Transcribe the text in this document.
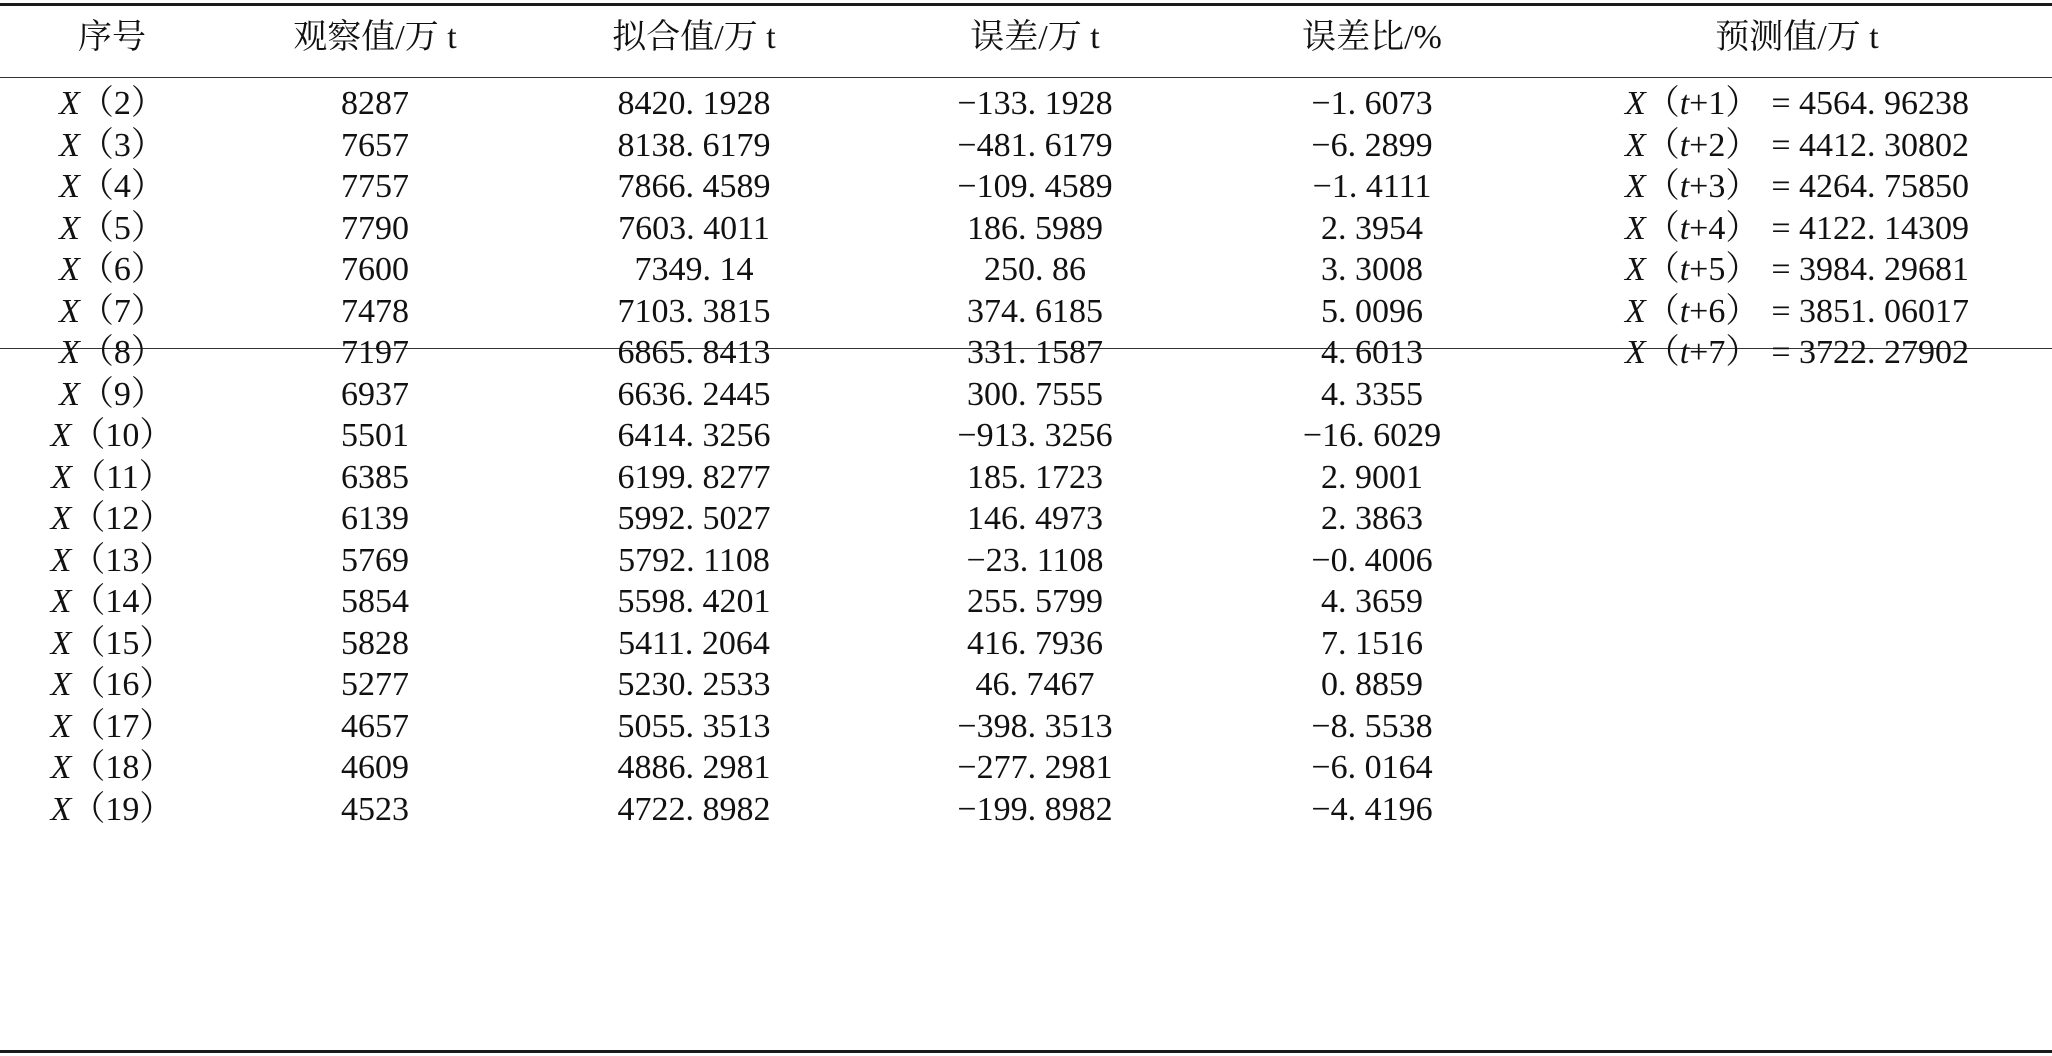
序号	观察值/万 t	拟合值/万 t	误差/万 t	误差比/%	预测值/万 t
X（2）	8287	8420. 1928	−133. 1928	−1. 6073	X（t+1） = 4564. 96238
X（3）	7657	8138. 6179	−481. 6179	−6. 2899	X（t+2） = 4412. 30802
X（4）	7757	7866. 4589	−109. 4589	−1. 4111	X（t+3） = 4264. 75850
X（5）	7790	7603. 4011	186. 5989	2. 3954	X（t+4） = 4122. 14309
X（6）	7600	7349. 14	250. 86	3. 3008	X（t+5） = 3984. 29681
X（7）	7478	7103. 3815	374. 6185	5. 0096	X（t+6） = 3851. 06017
X（8）	7197	6865. 8413	331. 1587	4. 6013	X（t+7） = 3722. 27902
X（9）	6937	6636. 2445	300. 7555	4. 3355
X（10）	5501	6414. 3256	−913. 3256	−16. 6029
X（11）	6385	6199. 8277	185. 1723	2. 9001
X（12）	6139	5992. 5027	146. 4973	2. 3863
X（13）	5769	5792. 1108	−23. 1108	−0. 4006
X（14）	5854	5598. 4201	255. 5799	4. 3659
X（15）	5828	5411. 2064	416. 7936	7. 1516
X（16）	5277	5230. 2533	46. 7467	0. 8859
X（17）	4657	5055. 3513	−398. 3513	−8. 5538
X（18）	4609	4886. 2981	−277. 2981	−6. 0164
X（19）	4523	4722. 8982	−199. 8982	−4. 4196
